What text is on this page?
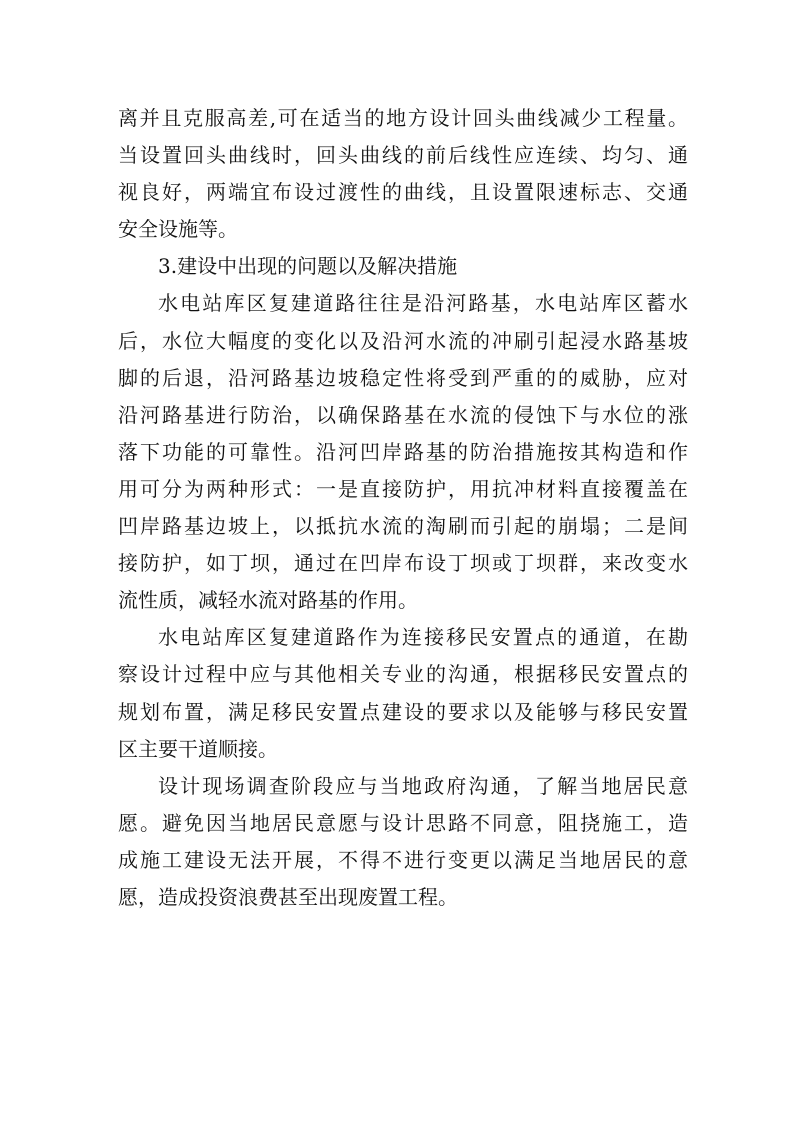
离并且克服高差,可在适当的地方设计回头曲线减少工程量。
当设置回头曲线时，回头曲线的前后线性应连续、均匀、通
视良好，两端宜布设过渡性的曲线，且设置限速标志、交通
安全设施等。
3.建设中出现的问题以及解决措施
水电站库区复建道路往往是沿河路基，水电站库区蓄水
后，水位大幅度的变化以及沿河水流的冲刷引起浸水路基坡
脚的后退，沿河路基边坡稳定性将受到严重的的威胁，应对
沿河路基进行防治，以确保路基在水流的侵蚀下与水位的涨
落下功能的可靠性。沿河凹岸路基的防治措施按其构造和作
用可分为两种形式：一是直接防护，用抗冲材料直接覆盖在
凹岸路基边坡上，以抵抗水流的淘刷而引起的崩塌；二是间
接防护，如丁坝，通过在凹岸布设丁坝或丁坝群，来改变水
流性质，减轻水流对路基的作用。
水电站库区复建道路作为连接移民安置点的通道，在勘
察设计过程中应与其他相关专业的沟通，根据移民安置点的
规划布置，满足移民安置点建设的要求以及能够与移民安置
区主要干道顺接。
设计现场调查阶段应与当地政府沟通，了解当地居民意
愿。避免因当地居民意愿与设计思路不同意，阻挠施工，造
成施工建设无法开展，不得不进行变更以满足当地居民的意
愿，造成投资浪费甚至出现废置工程。
